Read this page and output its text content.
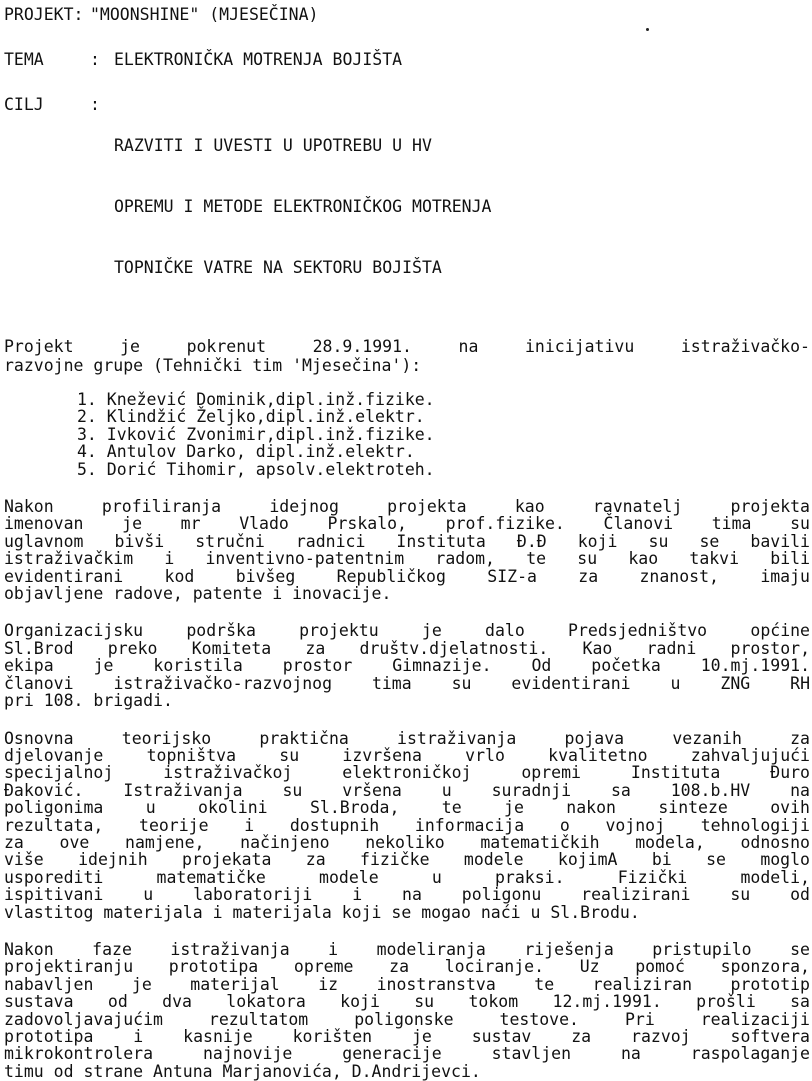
PROJEKT: "MOONSHINE" (MJESEČINA)
TEMA	: ELEKTRONIČKA MOTRENJA BOJIŠTA
CILJ	:

RAZVITI I UVESTI U UPOTREBU U HV

OPREMU I METODE ELEKTRONIČKOG MOTRENJA

TOPNIČKE VATRE NA SEKTORU BOJIŠTA

Projekt je pokrenut 28.9.1991. na inicijativu istraživačko-
razvojne grupe (Tehnički tim 'Mjesečina'):
1. Knežević Dominik,dipl.inž.fizike.
2. Klindžić Željko,dipl.inž.elektr.
3. Ivković Zvonimir,dipl.inž.fizike.
4. Antulov Darko, dipl.inž.elektr.
5. Dorić Tihomir, apsolv.elektroteh.
Nakon profiliranja idejnog projekta kao ravnatelj projekta
imenovan je mr Vlado Prskalo, prof.fizike. Članovi tima su
uglavnom bivši stručni radnici Instituta Đ.Đ koji su se bavili
istraživačkim i inventivno-patentnim radom, te su kao takvi bili
evidentirani kod bivšeg Republičkog SIZ-a za znanost, imaju
objavljene radove, patente i inovacije.
Organizacijsku podrška projektu je dalo Predsjedništvo općine
Sl.Brod preko Komiteta za društv.djelatnosti. Kao radni prostor,
ekipa je koristila prostor Gimnazije. Od početka 10.mj.1991.
članovi istraživačko-razvojnog tima su evidentirani u ZNG RH
pri 108. brigadi.
Osnovna teorijsko praktična istraživanja pojava vezanih za
djelovanje topništva su izvršena vrlo kvalitetno zahvaljujući
specijalnoj istraživačkoj elektroničkoj opremi Instituta Đuro
Đaković. Istraživanja su vršena u suradnji sa 108.b.HV na
poligonima u okolini Sl.Broda, te je nakon sinteze ovih
rezultata, teorije i dostupnih informacija o vojnoj tehnologiji
za ove namjene, načinjeno nekoliko matematičkih modela, odnosno
više idejnih projekata za fizičke modele kojimA bi se moglo
usporediti matematičke modele u praksi. Fizički modeli,
ispitivani u laboratoriji i na poligonu realizirani su od
vlastitog materijala i materijala koji se mogao naći u Sl.Brodu.
Nakon faze istraživanja i modeliranja riješenja pristupilo se
projektiranju prototipa opreme za lociranje. Uz pomoć sponzora,
nabavljen je materijal iz inostranstva te realiziran prototip
sustava od dva lokatora koji su tokom 12.mj.1991. prošli sa
zadovoljavajućim rezultatom poligonske testove. Pri realizaciji
prototipa i kasnije korišten je sustav za razvoj softvera
mikrokontrolera najnovije generacije stavljen na raspolaganje
timu od strane Antuna Marjanovića, D.Andrijevci.
